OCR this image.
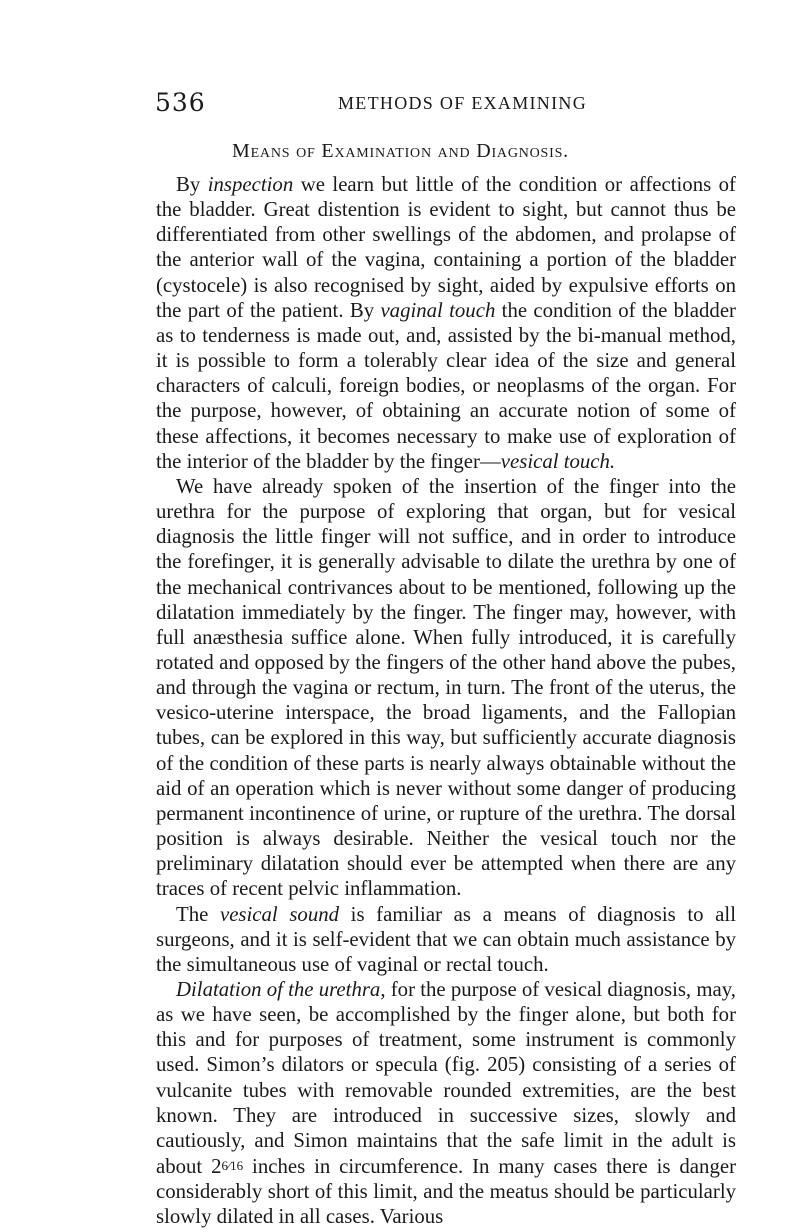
536	METHODS OF EXAMINING
Means of Examination and Diagnosis.

By inspection we learn but little of the condition or affections of the bladder. Great distention is evident to sight, but cannot thus be differentiated from other swellings of the abdomen, and prolapse of the anterior wall of the vagina, containing a portion of the bladder (cystocele) is also recognised by sight, aided by expulsive efforts on the part of the patient. By vaginal touch the condition of the bladder as to tenderness is made out, and, assisted by the bi-manual method, it is possible to form a tolerably clear idea of the size and general characters of calculi, foreign bodies, or neoplasms of the organ. For the purpose, however, of obtaining an accurate notion of some of these affections, it becomes necessary to make use of exploration of the interior of the bladder by the finger—vesical touch.

We have already spoken of the insertion of the finger into the urethra for the purpose of exploring that organ, but for vesical diagnosis the little finger will not suffice, and in order to introduce the forefinger, it is generally advisable to dilate the urethra by one of the mechanical contrivances about to be mentioned, following up the dilatation immediately by the finger. The finger may, however, with full anæsthesia suffice alone. When fully introduced, it is carefully rotated and opposed by the fingers of the other hand above the pubes, and through the vagina or rectum, in turn. The front of the uterus, the vesico-uterine interspace, the broad ligaments, and the Fallopian tubes, can be explored in this way, but sufficiently accurate diagnosis of the condition of these parts is nearly always obtainable without the aid of an operation which is never without some danger of producing permanent incontinence of urine, or rupture of the urethra. The dorsal position is always desirable. Neither the vesical touch nor the preliminary dilatation should ever be attempted when there are any traces of recent pelvic inflammation.

The vesical sound is familiar as a means of diagnosis to all surgeons, and it is self-evident that we can obtain much assistance by the simultaneous use of vaginal or rectal touch.

Dilatation of the urethra, for the purpose of vesical diagnosis, may, as we have seen, be accomplished by the finger alone, but both for this and for purposes of treatment, some instrument is commonly used. Simon’s dilators or specula (fig. 205) consisting of a series of vulcanite tubes with removable rounded extremities, are the best known. They are introduced in successive sizes, slowly and cautiously, and Simon maintains that the safe limit in the adult is about 26⁄16 inches in circumference. In many cases there is danger considerably short of this limit, and the meatus should be particularly slowly dilated in all cases. Various
